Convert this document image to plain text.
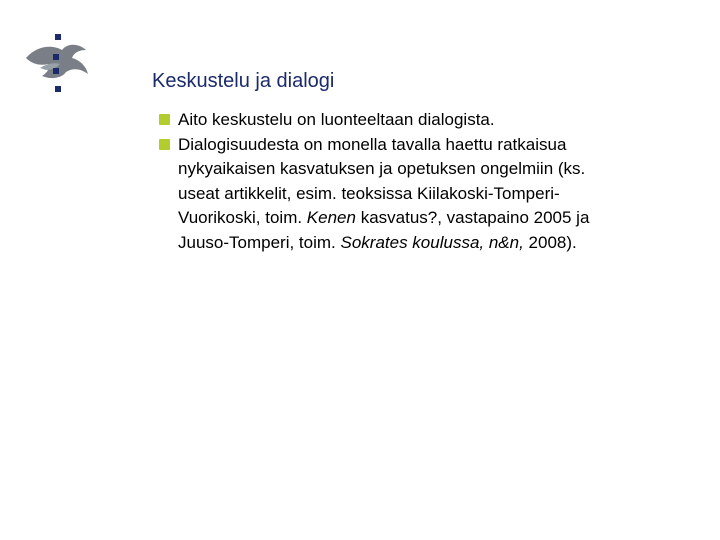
Keskustelu ja dialogi
Aito keskustelu on luonteeltaan dialogista.
Dialogisuudesta on monella tavalla haettu ratkaisua
nykyaikaisen kasvatuksen ja opetuksen ongelmiin (ks.
useat artikkelit, esim. teoksissa Kiilakoski-Tomperi-
Vuorikoski, toim. Kenen kasvatus?, vastapaino 2005 ja
Juuso-Tomperi, toim. Sokrates koulussa, n&n, 2008).
